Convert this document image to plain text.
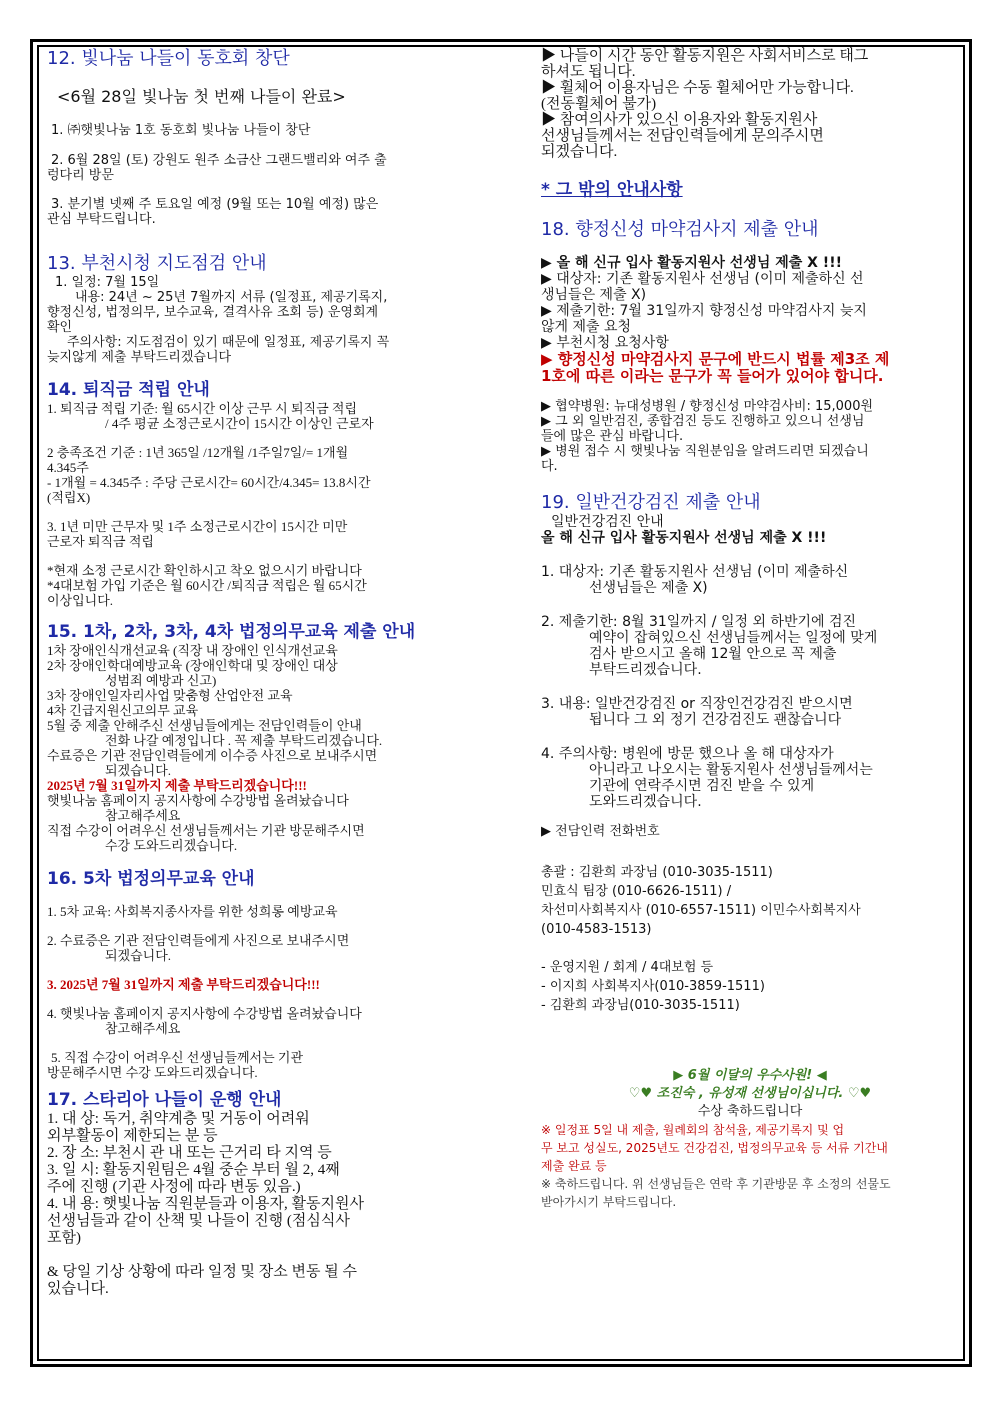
12. 빛나눔 나들이 동호회 창단

<6월 28일 빛나눔 첫 번째 나들이 완료>

1. ㈜햇빛나눔 1호 동호회 빛나눔 나들이 창단

2. 6월 28일 (토) 강원도 원주 소금산 그랜드밸리와 여주 출

렁다리 방문

3. 분기별 넷째 주 토요일 예정 (9월 또는 10월 예정) 많은

관심 부탁드립니다.

13. 부천시청 지도점검 안내

1. 일정: 7월 15일

내용: 24년 ~ 25년 7월까지 서류 (일정표, 제공기록지,

향정신성, 법정의무, 보수교육, 결격사유 조회 등) 운영회계

확인

주의사항: 지도점검이 있기 때문에 일정표, 제공기록지 꼭

늦지않게 제출 부탁드리겠습니다

14. 퇴직금 적립 안내

1. 퇴직금 적립 기준: 월 65시간 이상 근무 시 퇴직금 적립

/ 4주 평균 소정근로시간이 15시간 이상인 근로자

2 충족조건 기준 : 1년 365일 /12개월 /1주일7일/= 1개월

4.345주

- 1개월 = 4.345주 : 주당 근로시간= 60시간/4.345= 13.8시간

(적립X)

3. 1년 미만 근무자 및 1주 소정근로시간이 15시간 미만

근로자 퇴직금 적립

*현재 소정 근로시간 확인하시고 착오 없으시기 바랍니다

*4대보험 가입 기준은 월 60시간 /퇴직금 적립은 월 65시간

이상입니다.

15. 1차, 2차, 3차, 4차 법정의무교육 제출 안내

1차 장애인식개선교육 (직장 내 장애인 인식개선교육

2차 장애인학대예방교육 (장애인학대 및 장애인 대상

성범죄 예방과 신고)

3차 장애인일자리사업 맞춤형 산업안전 교육

4차 긴급지원신고의무 교육

5월 중 제출 안해주신 선생님들에게는 전담인력들이 안내

전화 나갈 예정입니다 . 꼭 제출 부탁드리겠습니다.

수료증은 기관 전담인력들에게 이수증 사진으로 보내주시면

되겠습니다.

2025년 7월 31일까지 제출 부탁드리겠습니다!!!

햇빛나눔 홈페이지 공지사항에 수강방법 올려놨습니다

참고해주세요

직접 수강이 어려우신 선생님들께서는 기관 방문해주시면

수강 도와드리겠습니다.

16. 5차 법정의무교육 안내

1. 5차 교육: 사회복지종사자를 위한 성희롱 예방교육

2. 수료증은 기관 전담인력들에게 사진으로 보내주시면

되겠습니다.

3. 2025년 7월 31일까지 제출 부탁드리겠습니다!!!

4. 햇빛나눔 홈페이지 공지사항에 수강방법 올려놨습니다

참고해주세요

5. 직접 수강이 어려우신 선생님들께서는 기관

방문해주시면 수강 도와드리겠습니다.

17. 스타리아 나들이 운행 안내

1. 대 상: 독거, 취약계층 및 거동이 어려워

외부활동이 제한되는 분 등

2. 장 소: 부천시 관 내 또는 근거리 타 지역 등

3. 일 시: 활동지원팀은 4월 중순 부터 월 2, 4째

주에 진행 (기관 사정에 따라 변동 있음.)

4. 내 용: 햇빛나눔 직원분들과 이용자, 활동지원사

선생님들과 같이 산책 및 나들이 진행 (점심식사

포함)

& 당일 기상 상황에 따라 일정 및 장소 변동 될 수

있습니다.

▶ 나들이 시간 동안 활동지원은 사회서비스로 태그

하셔도 됩니다.

▶ 휠체어 이용자님은 수동 휠체어만 가능합니다.

(전동휠체어 불가)

▶ 참여의사가 있으신 이용자와 활동지원사

선생님들께서는 전담인력들에게 문의주시면

되겠습니다.

* 그 밖의 안내사항

18. 향정신성 마약검사지 제출 안내

▶ 올 해 신규 입사 활동지원사 선생님 제출 X !!!

▶ 대상자: 기존 활동지원사 선생님 (이미 제출하신 선

생님들은 제출 X)

▶ 제출기한: 7월 31일까지 향정신성 마약검사지 늦지

않게 제출 요청

▶ 부천시청 요청사항

▶ 향정신성 마약검사지 문구에 반드시 법률 제3조 제

1호에 따른 이라는 문구가 꼭 들어가 있어야 합니다.

▶ 협약병원: 뉴대성병원 / 향정신성 마약검사비: 15,000원

▶ 그 외 일반검진, 종합검진 등도 진행하고 있으니 선생님

들에 많은 관심 바랍니다.

▶ 병원 접수 시 햇빛나눔 직원분임을 알려드리면 되겠습니

다.

19. 일반건강검진 제출 안내

일반건강검진 안내

올 해 신규 입사 활동지원사 선생님 제출 X !!!

1. 대상자: 기존 활동지원사 선생님 (이미 제출하신

선생님들은 제출 X)

2. 제출기한: 8월 31일까지 / 일정 외 하반기에 검진

예약이 잡혀있으신 선생님들께서는 일정에 맞게

검사 받으시고 올해 12월 안으로 꼭 제출

부탁드리겠습니다.

3. 내용: 일반건강검진 or 직장인건강검진 받으시면

됩니다 그 외 정기 건강검진도 괜찮습니다

4. 주의사항: 병원에 방문 했으나 올 해 대상자가

아니라고 나오시는 활동지원사 선생님들께서는

기관에 연락주시면 검진 받을 수 있게

도와드리겠습니다.

▶ 전담인력 전화번호

총괄 : 김환희 과장님 (010-3035-1511)

민효식 팀장 (010-6626-1511) /

차선미사회복지사 (010-6557-1511) 이민수사회복지사

(010-4583-1513)

- 운영지원 / 회계 / 4대보험 등

- 이지희 사회복지사(010-3859-1511)

- 김환희 과장님(010-3035-1511)

▶ 6월 이달의 우수사원! ◀

♡♥ 조진숙 , 유성재 선생님이십니다. ♡♥

수상 축하드립니다

※ 일정표 5일 내 제출, 월례회의 참석율, 제공기록지 및 업

무 보고 성실도, 2025년도 건강검진, 법정의무교육 등 서류 기간내

제출 완료 등

※ 축하드립니다. 위 선생님들은 연락 후 기관방문 후 소정의 선물도

받아가시기 부탁드립니다.
